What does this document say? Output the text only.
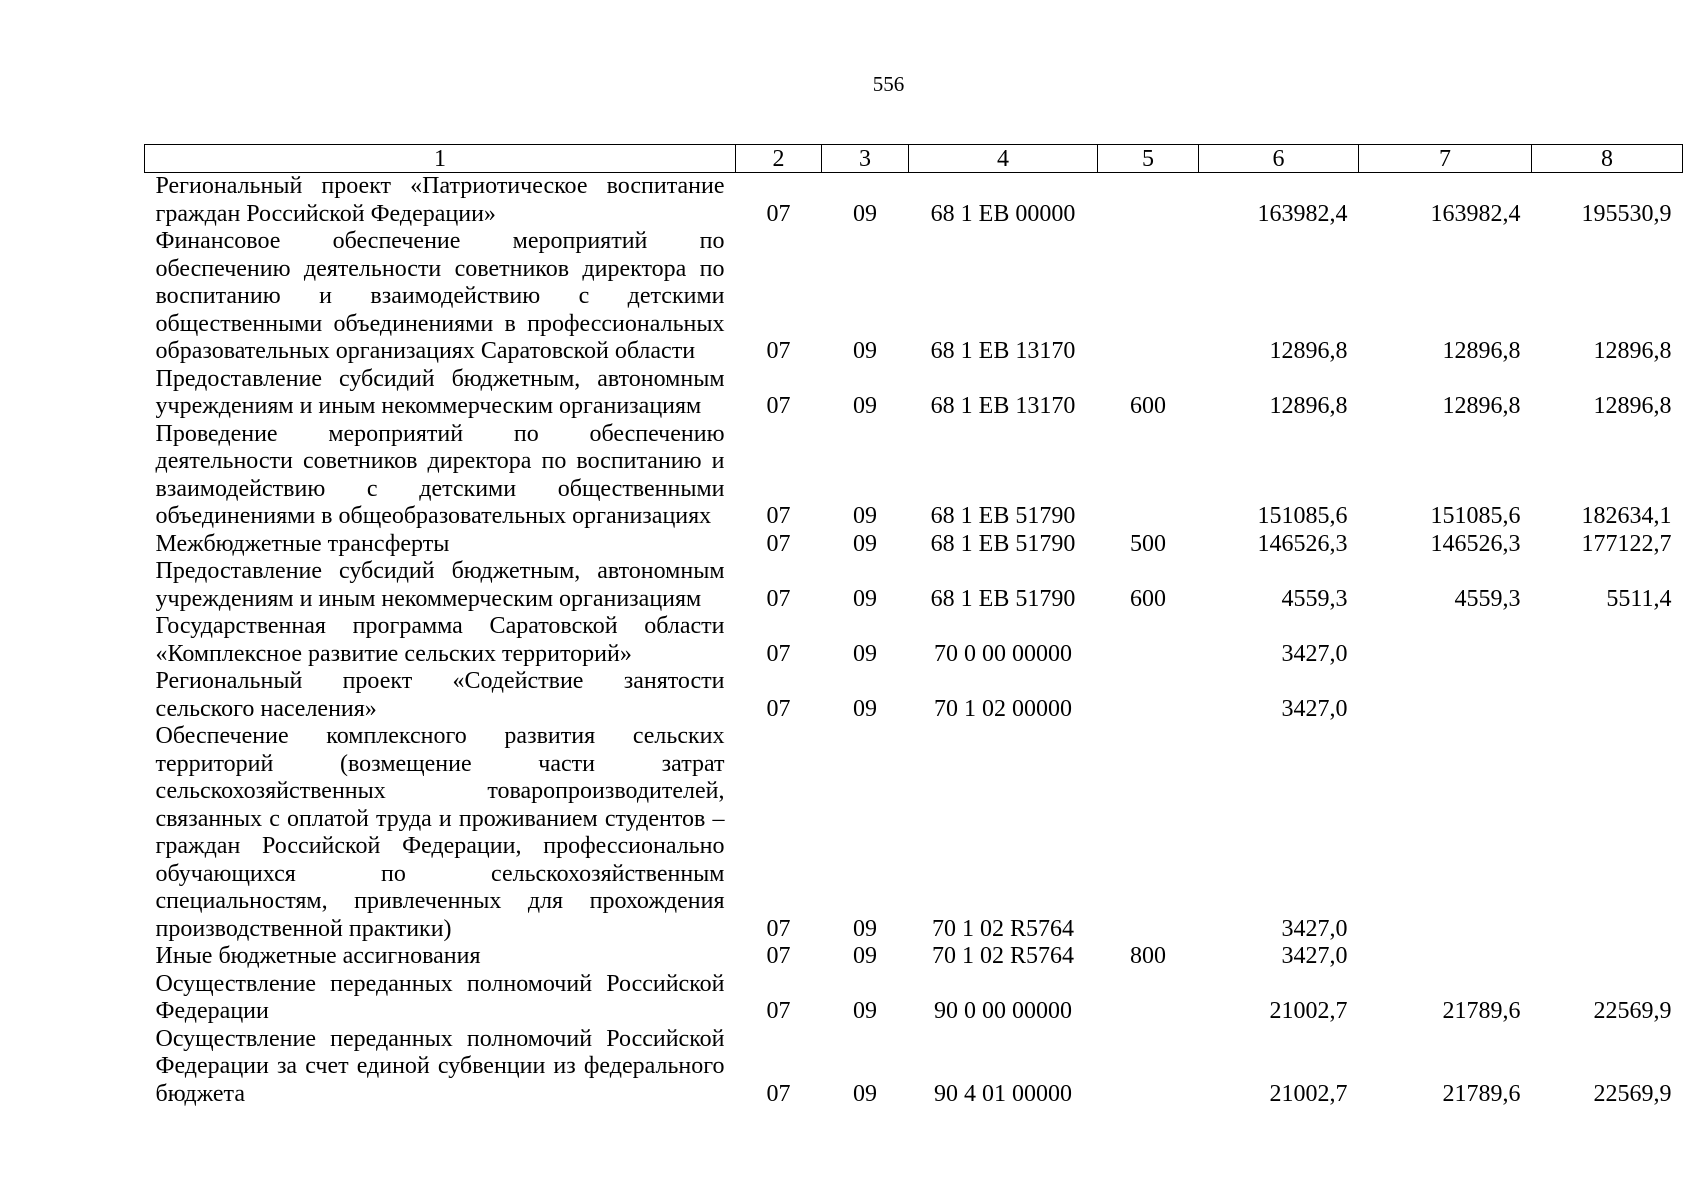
556
1	2	3	4	5	6	7	8
Региональный проект «Патриотическое воспитание граждан Российской Федерации»	07	09	68 1 EB 00000		163982,4	163982,4	195530,9
Финансовое обеспечение мероприятий по обеспечению деятельности советников директора по воспитанию и взаимодействию с детскими общественными объединениями в профессиональных образовательных организациях Саратовской области	07	09	68 1 EB 13170		12896,8	12896,8	12896,8
Предоставление субсидий бюджетным, автономным учреждениям и иным некоммерческим организациям	07	09	68 1 EB 13170	600	12896,8	12896,8	12896,8
Проведение мероприятий по обеспечению деятельности советников директора по воспитанию и взаимодействию с детскими общественными объединениями в общеобразовательных организациях	07	09	68 1 EB 51790		151085,6	151085,6	182634,1
Межбюджетные трансферты	07	09	68 1 EB 51790	500	146526,3	146526,3	177122,7
Предоставление субсидий бюджетным, автономным учреждениям и иным некоммерческим организациям	07	09	68 1 EB 51790	600	4559,3	4559,3	5511,4
Государственная программа Саратовской области «Комплексное развитие сельских территорий»	07	09	70 0 00 00000		3427,0		
Региональный проект «Содействие занятости сельского населения»	07	09	70 1 02 00000		3427,0		
Обеспечение комплексного развития сельских территорий (возмещение части затрат сельскохозяйственных товаропроизводителей, связанных с оплатой труда и проживанием студентов – граждан Российской Федерации, профессионально обучающихся по сельскохозяйственным специальностям, привлеченных для прохождения производственной практики)	07	09	70 1 02 R5764		3427,0		
Иные бюджетные ассигнования	07	09	70 1 02 R5764	800	3427,0		
Осуществление переданных полномочий Российской Федерации	07	09	90 0 00 00000		21002,7	21789,6	22569,9
Осуществление переданных полномочий Российской Федерации за счет единой субвенции из федерального бюджета	07	09	90 4 01 00000		21002,7	21789,6	22569,9
